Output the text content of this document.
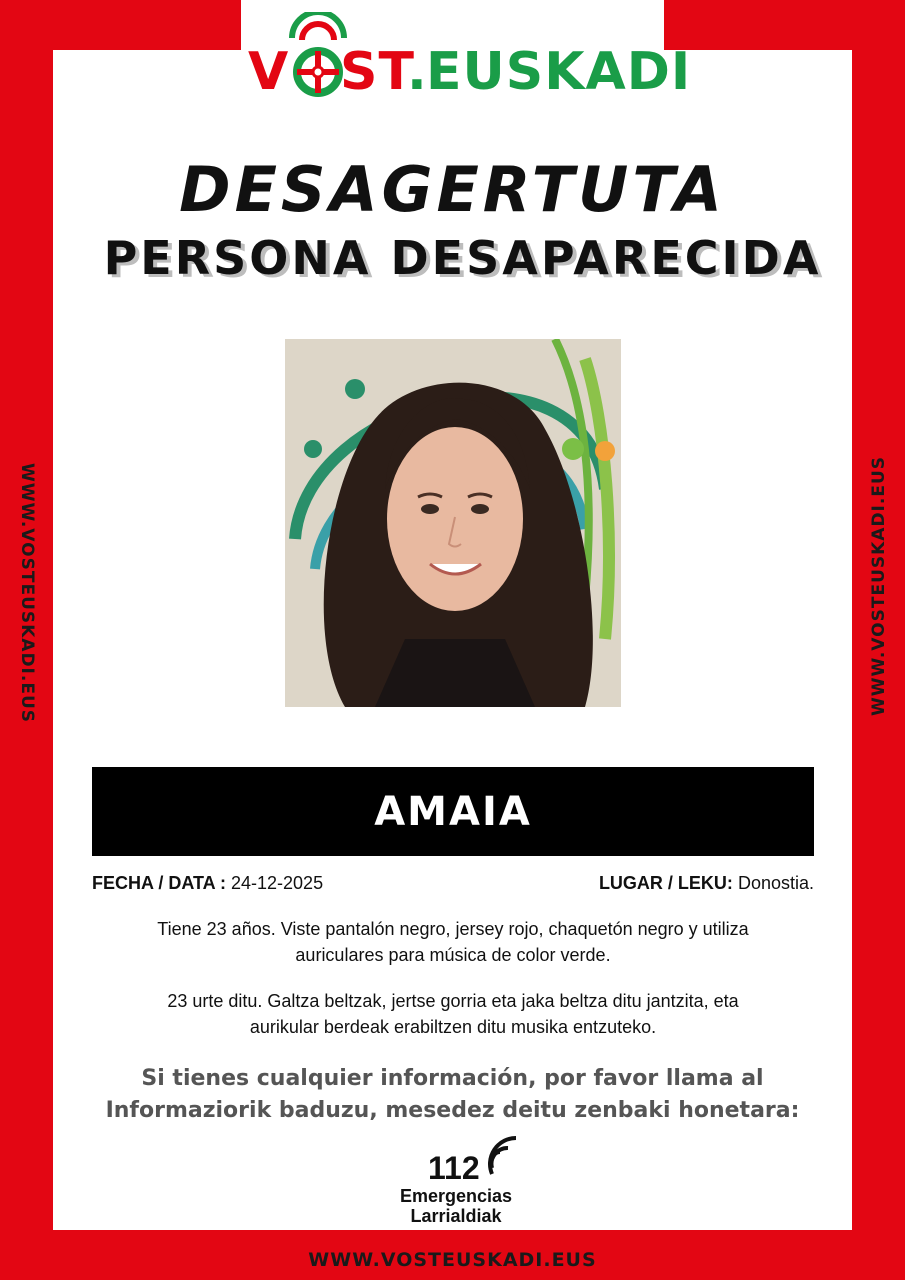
V ST.
EUSKADI
WWW.VOSTEUSKADI.EUS	WWW.VOSTEUSKADI.EUS
DESAGERTUTA
PERSONA DESAPARECIDA
AMAIA
FECHA / DATA : 24-12-2025	LUGAR / LEKU: Donostia.
Tiene 23 años. Viste pantalón negro, jersey rojo, chaquetón negro y utiliza
auriculares para música de color verde.
23 urte ditu. Galtza beltzak, jertse gorria eta jaka beltza ditu jantzita, eta
aurikular berdeak erabiltzen ditu musika entzuteko.
Si tienes cualquier información, por favor llama al
Informaziorik baduzu, mesedez deitu zenbaki honetara:
112
Emergencias
Larrialdiak
WWW.VOSTEUSKADI.EUS
